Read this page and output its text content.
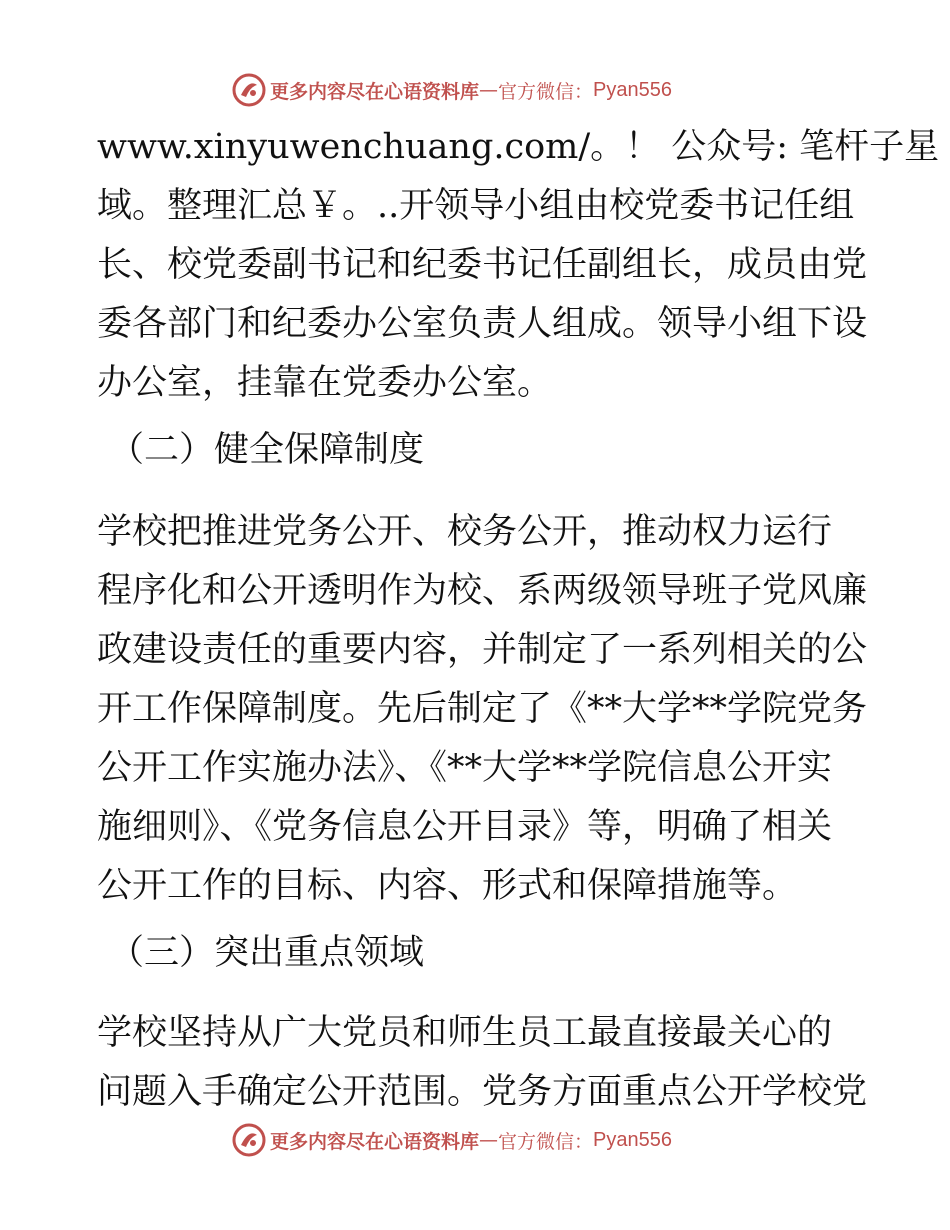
更多内容尽在心语资料库 — 官方微信： Pyan556
www.xinyuwenchuang.com/。！ 公众号: 笔杆子星
域。整理汇总￥。..开领导小组由校党委书记任组
长、校党委副书记和纪委书记任副组长，成员由党
委各部门和纪委办公室负责人组成。领导小组下设
办公室，挂靠在党委办公室。
（二）健全保障制度
学校把推进党务公开、校务公开，推动权力运行
程序化和公开透明作为校、系两级领导班子党风廉
政建设责任的重要内容，并制定了一系列相关的公
开工作保障制度。先后制定了《**大学**学院党务
公开工作实施办法》、《**大学**学院信息公开实
施细则》、《党务信息公开目录》等，明确了相关
公开工作的目标、内容、形式和保障措施等。
（三）突出重点领域
学校坚持从广大党员和师生员工最直接最关心的
问题入手确定公开范围。党务方面重点公开学校党
更多内容尽在心语资料库 — 官方微信： Pyan556
